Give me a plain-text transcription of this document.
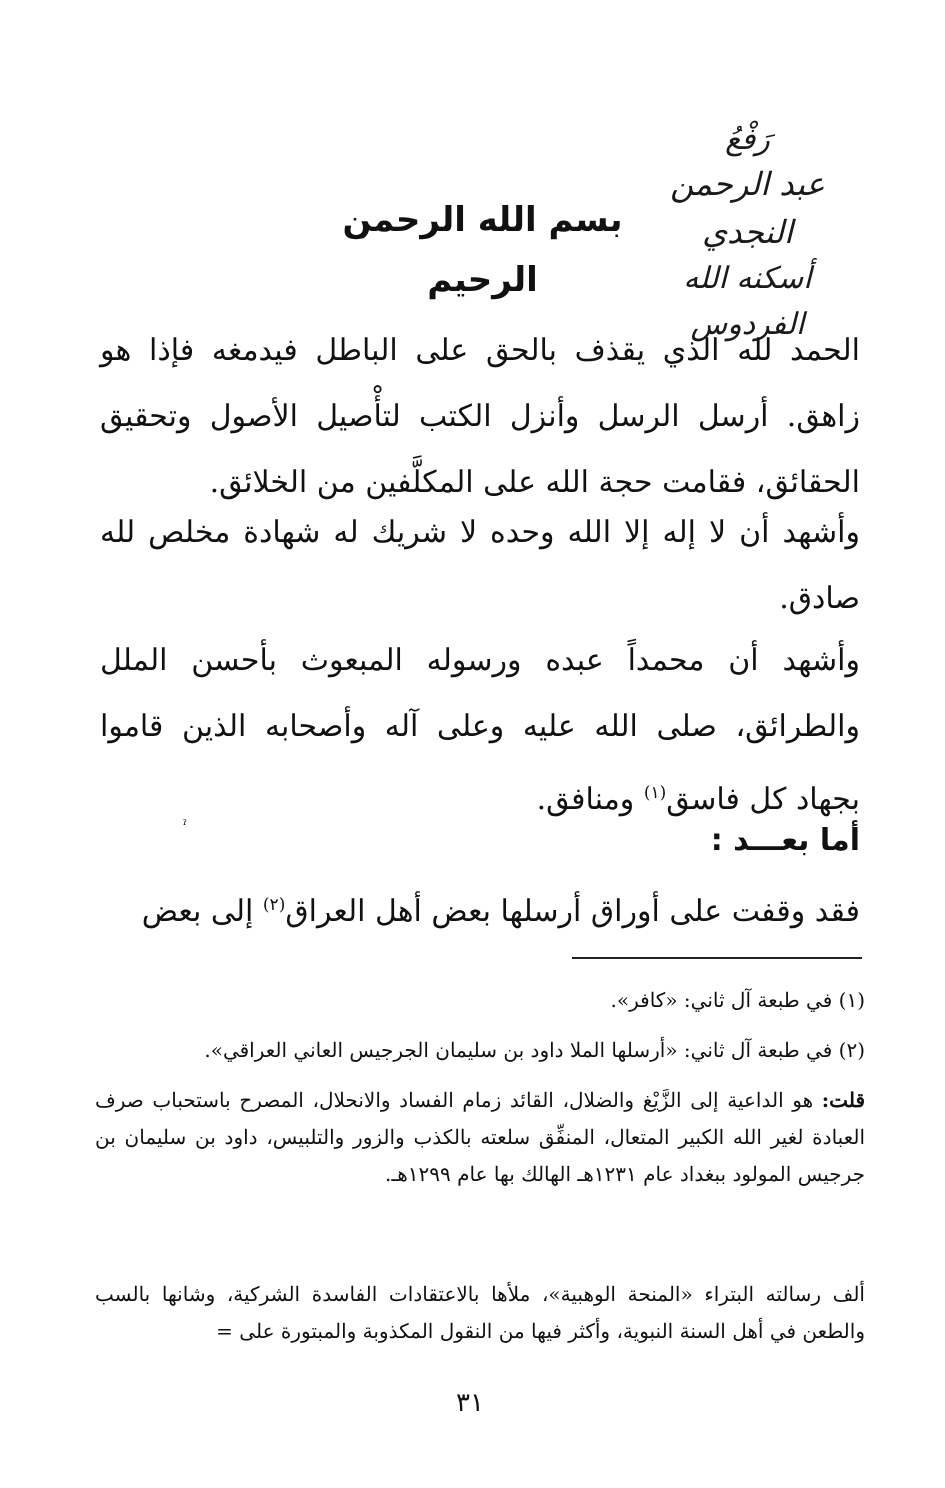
رَفْعُ
عبد الرحمن النجدي
أسكنه الله الفردوس
بسم الله الرحمن الرحيم
الحمد لله الذي يقذف بالحق على الباطل فيدمغه فإذا هو زاهق. أرسل الرسل وأنزل الكتب لتأْصيل الأصول وتحقيق الحقائق، فقامت حجة الله على المكلَّفين من الخلائق.
وأشهد أن لا إله إلا الله وحده لا شريك له شهادة مخلص لله صادق.
وأشهد أن محمداً عبده ورسوله المبعوث بأحسن الملل والطرائق، صلى الله عليه وعلى آله وأصحابه الذين قاموا بجهاد كل فاسق$^{(١)}$ ومنافق.
أما بعـــد :
ˀ
فقد وقفت على أوراق أرسلها بعض أهل العراق$^{(٢)}$ إلى بعض
(١) في طبعة آل ثاني: «كافر».
(٢) في طبعة آل ثاني: «أرسلها الملا داود بن سليمان الجرجيس العاني العراقي».
قلت: هو الداعية إلى الزَّيْغ والضلال، القائد زمام الفساد والانحلال، المصرح باستحباب صرف العبادة لغير الله الكبير المتعال، المنفِّق سلعته بالكذب والزور والتلبيس، داود بن سليمان بن جرجيس المولود ببغداد عام ١٢٣١هـ الهالك بها عام ١٢٩٩هـ.
ألف رسالته البتراء «المنحة الوهبية»، ملأها بالاعتقادات الفاسدة الشركية، وشانها بالسب والطعن في أهل السنة النبوية، وأكثر فيها من النقول المكذوبة والمبتورة على =
٣١
